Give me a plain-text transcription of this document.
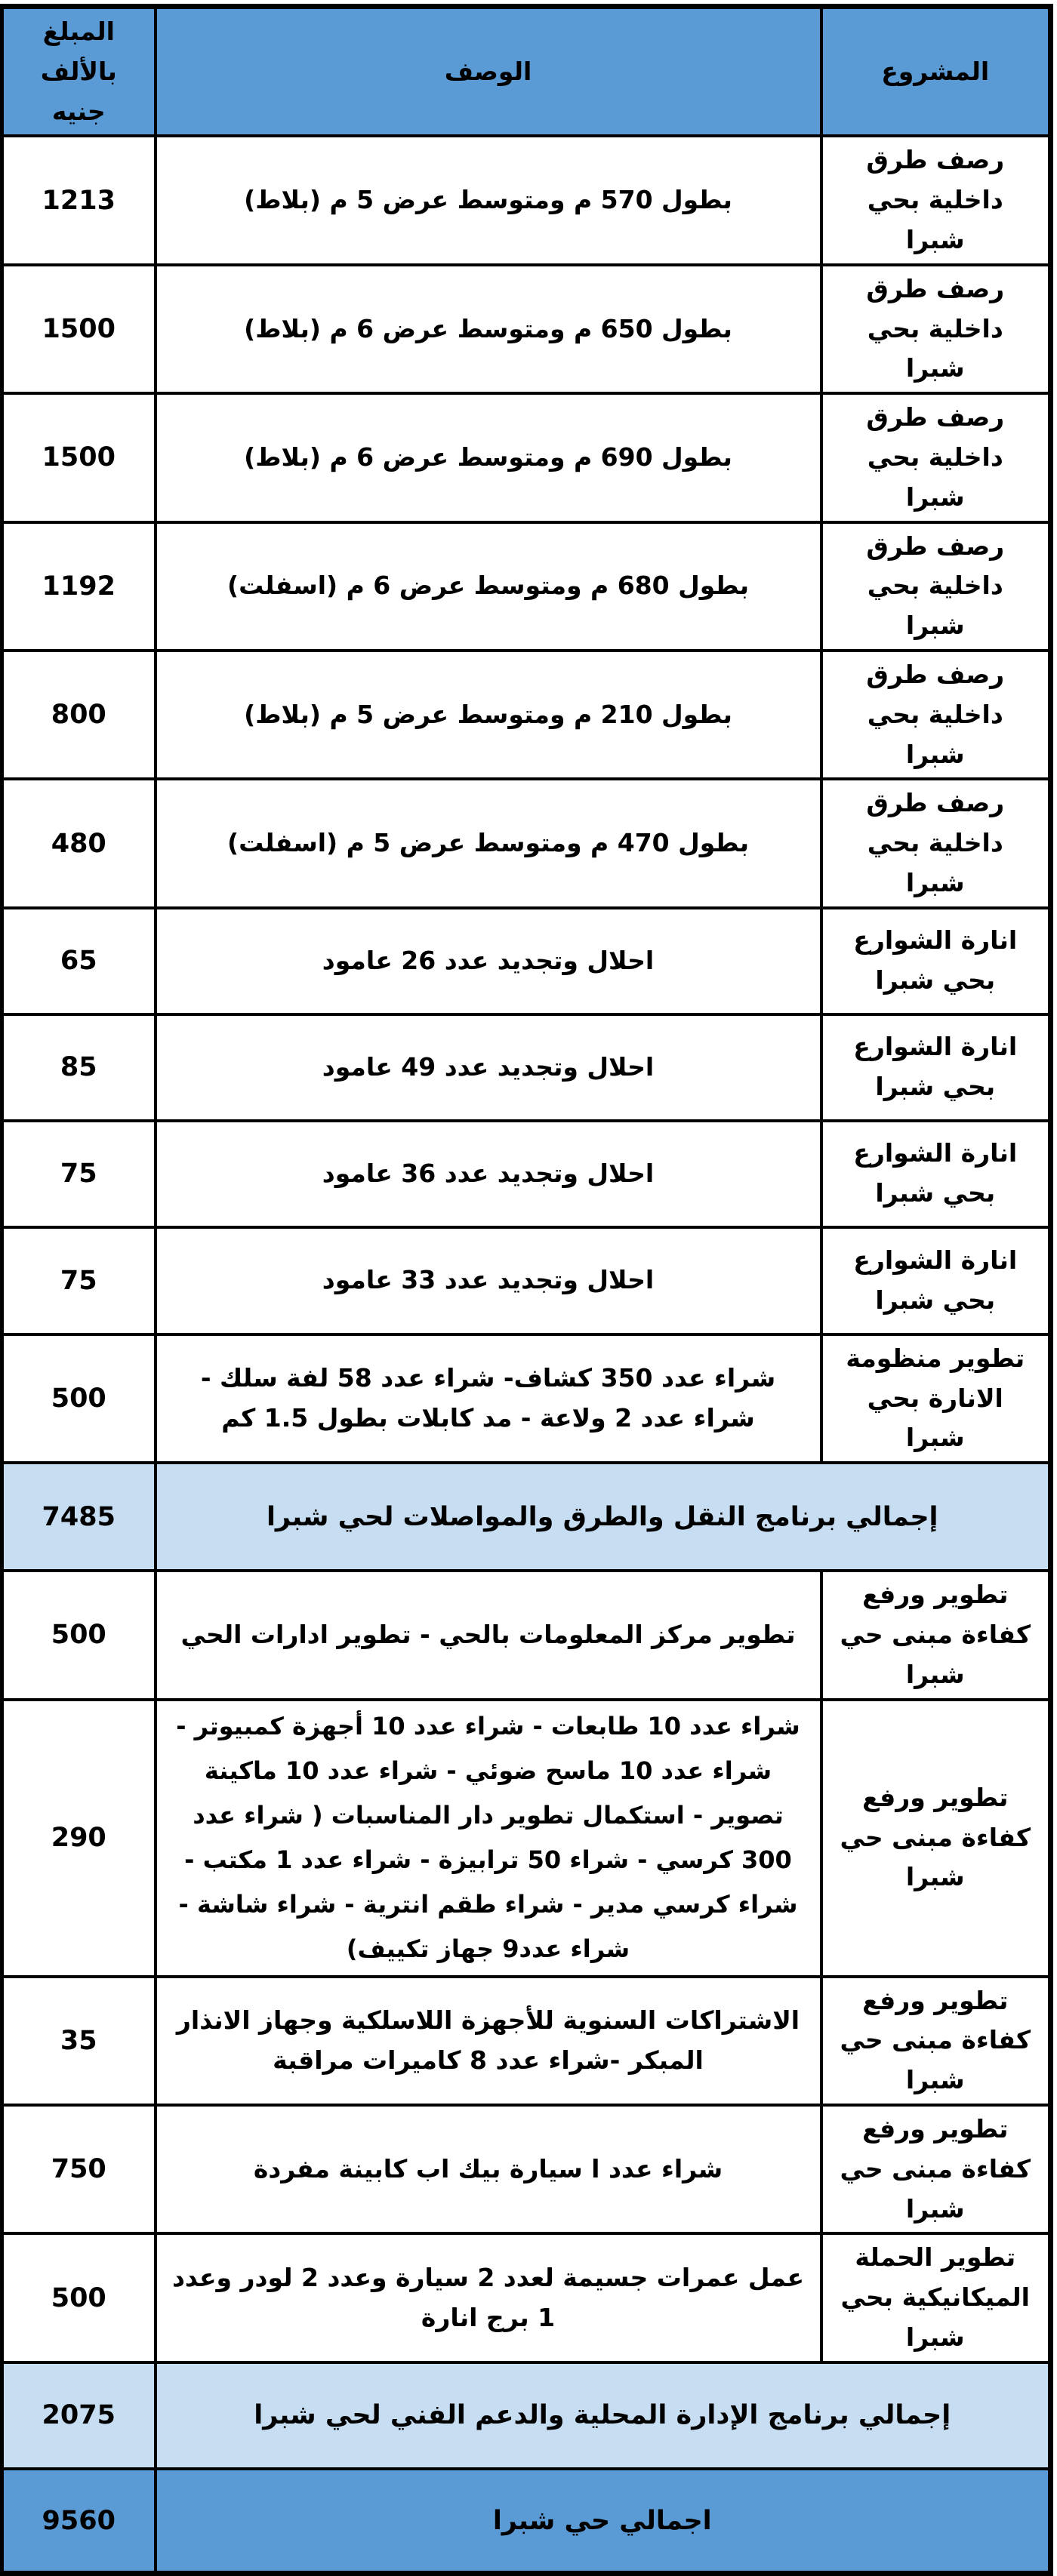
المشروع	الوصف	المبلغ بالألف جنيه
رصف طرق داخلية بحي شبرا	بطول 570 م ومتوسط عرض 5 م (بلاط)	1213
رصف طرق داخلية بحي شبرا	بطول 650 م ومتوسط عرض 6 م (بلاط)	1500
رصف طرق داخلية بحي شبرا	بطول 690 م ومتوسط عرض 6 م (بلاط)	1500
رصف طرق داخلية بحي شبرا	بطول 680 م ومتوسط عرض 6 م (اسفلت)	1192
رصف طرق داخلية بحي شبرا	بطول 210 م ومتوسط عرض 5 م (بلاط)	800
رصف طرق داخلية بحي شبرا	بطول 470 م ومتوسط عرض 5 م (اسفلت)	480
انارة الشوارع بحي شبرا	احلال وتجديد عدد 26 عامود	65
انارة الشوارع بحي شبرا	احلال وتجديد عدد 49 عامود	85
انارة الشوارع بحي شبرا	احلال وتجديد عدد 36 عامود	75
انارة الشوارع بحي شبرا	احلال وتجديد عدد 33 عامود	75
تطوير منظومة الانارة بحي شبرا	شراء عدد 350 كشاف- شراء عدد 58 لفة سلك - شراء عدد 2 ولاعة - مد كابلات بطول 1.5 كم	500
إجمالي برنامج النقل والطرق والمواصلات لحي شبرا		7485
تطوير ورفع كفاءة مبنى حي شبرا	تطوير مركز المعلومات بالحي - تطوير ادارات الحي	500
تطوير ورفع كفاءة مبنى حي شبرا	شراء عدد 10 طابعات - شراء عدد 10 أجهزة كمبيوتر - شراء عدد 10 ماسح ضوئي - شراء عدد 10 ماكينة تصوير - استكمال تطوير دار المناسبات ( شراء عدد 300 كرسي - شراء 50 ترابيزة - شراء عدد 1 مكتب - شراء كرسي مدير - شراء طقم انترية - شراء شاشة - شراء عدد9 جهاز تكييف)	290
تطوير ورفع كفاءة مبنى حي شبرا	الاشتراكات السنوية للأجهزة اللاسلكية وجهاز الانذار المبكر -شراء عدد 8 كاميرات مراقبة	35
تطوير ورفع كفاءة مبنى حي شبرا	شراء عدد ا سيارة بيك اب كابينة مفردة	750
تطوير الحملة الميكانيكية بحي شبرا	عمل عمرات جسيمة لعدد 2 سيارة وعدد 2 لودر وعدد 1 برج انارة	500
إجمالي برنامج الإدارة المحلية والدعم الفني لحي شبرا		2075
اجمالي حي شبرا		9560
